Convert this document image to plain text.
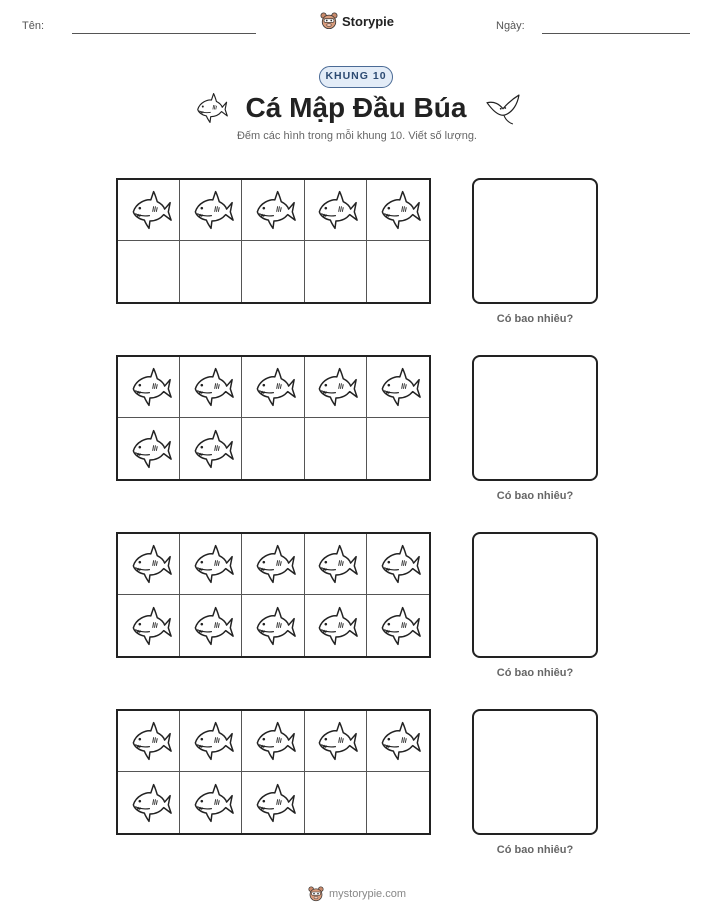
Tên:	Storypie	Ngày:
KHUNG 10
Cá Mập Đầu Búa
Đếm các hình trong mỗi khung 10. Viết số lượng.
Có bao nhiêu?
Có bao nhiêu?
Có bao nhiêu?
Có bao nhiêu?
mystorypie.com
